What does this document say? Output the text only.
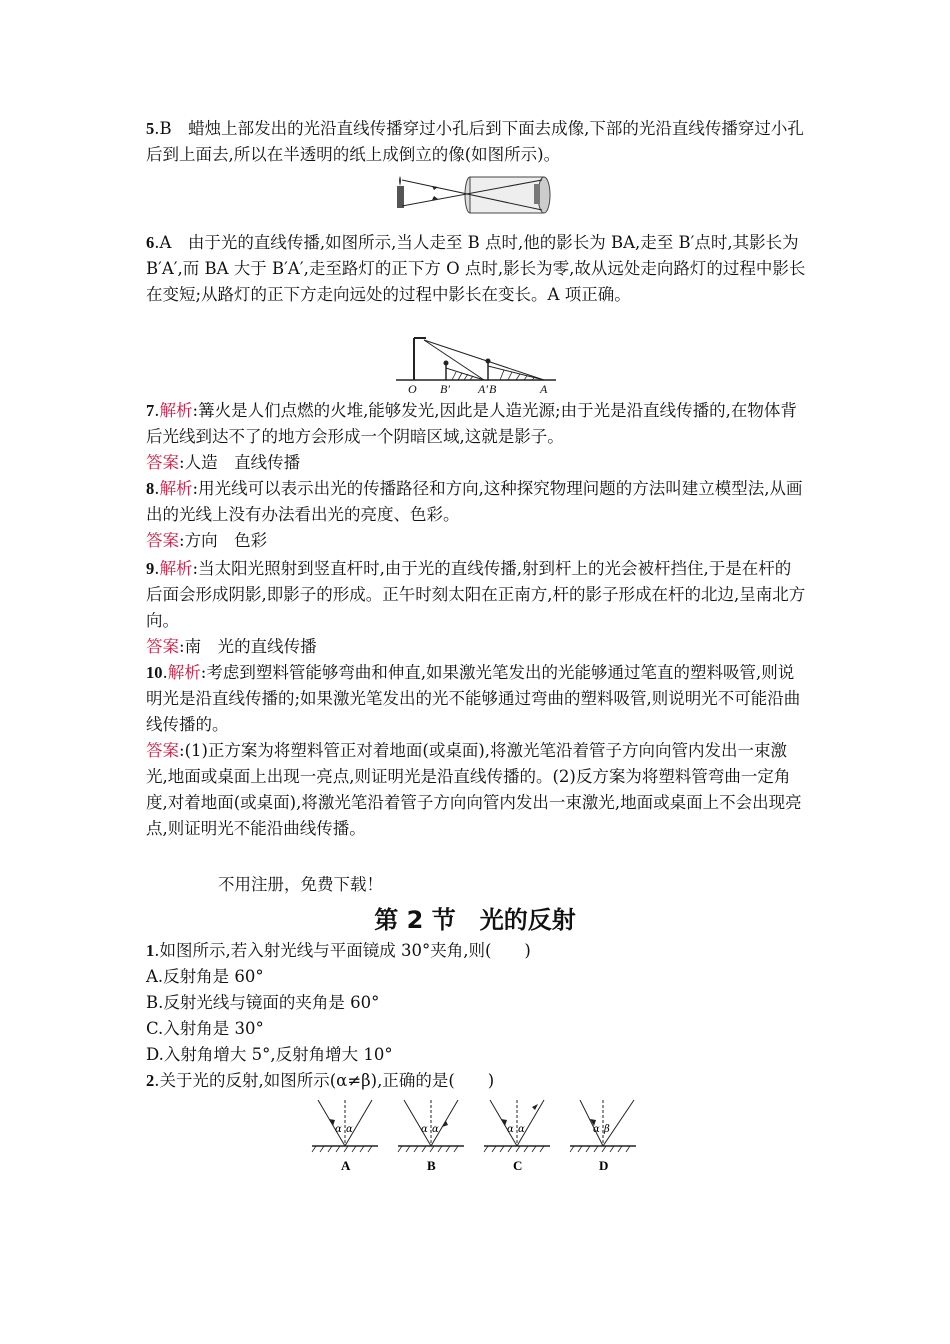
5.B　蜡烛上部发出的光沿直线传播穿过小孔后到下面去成像,下部的光沿直线传播穿过小孔后到上面去,所以在半透明的纸上成倒立的像(如图所示)。
6.A　由于光的直线传播,如图所示,当人走至 B 点时,他的影长为 BA,走至 B′点时,其影长为 B′A′,而 BA 大于 B′A′,走至路灯的正下方 O 点时,影长为零,故从远处走向路灯的过程中影长在变短;从路灯的正下方走向远处的过程中影长在变长。A 项正确。
O B′ A′ B	A
7.解析:篝火是人们点燃的火堆,能够发光,因此是人造光源;由于光是沿直线传播的,在物体背后光线到达不了的地方会形成一个阴暗区域,这就是影子。
答案:人造　直线传播
8.解析:用光线可以表示出光的传播路径和方向,这种探究物理问题的方法叫建立模型法,从画出的光线上没有办法看出光的亮度、色彩。
答案:方向　色彩
9.解析:当太阳光照射到竖直杆时,由于光的直线传播,射到杆上的光会被杆挡住,于是在杆的后面会形成阴影,即影子的形成。正午时刻太阳在正南方,杆的影子形成在杆的北边,呈南北方向。
答案:南　光的直线传播
10.解析:考虑到塑料管能够弯曲和伸直,如果激光笔发出的光能够通过笔直的塑料吸管,则说明光是沿直线传播的;如果激光笔发出的光不能够通过弯曲的塑料吸管,则说明光不可能沿曲线传播的。
答案:(1)正方案为将塑料管正对着地面(或桌面),将激光笔沿着管子方向向管内发出一束激光,地面或桌面上出现一亮点,则证明光是沿直线传播的。(2)反方案为将塑料管弯曲一定角度,对着地面(或桌面),将激光笔沿着管子方向向管内发出一束激光,地面或桌面上不会出现亮点,则证明光不能沿曲线传播。
不用注册，免费下载！
第 2 节　光的反射
1.如图所示,若入射光线与平面镜成 30°夹角,则(　　)
A.反射角是 60°
B.反射光线与镜面的夹角是 60°
C.入射角是 30°
D.入射角增大 5°,反射角增大 10°
2.关于光的反射,如图所示(α≠β),正确的是(　　)
α α
A
α α
B
α α
C
α β
D
